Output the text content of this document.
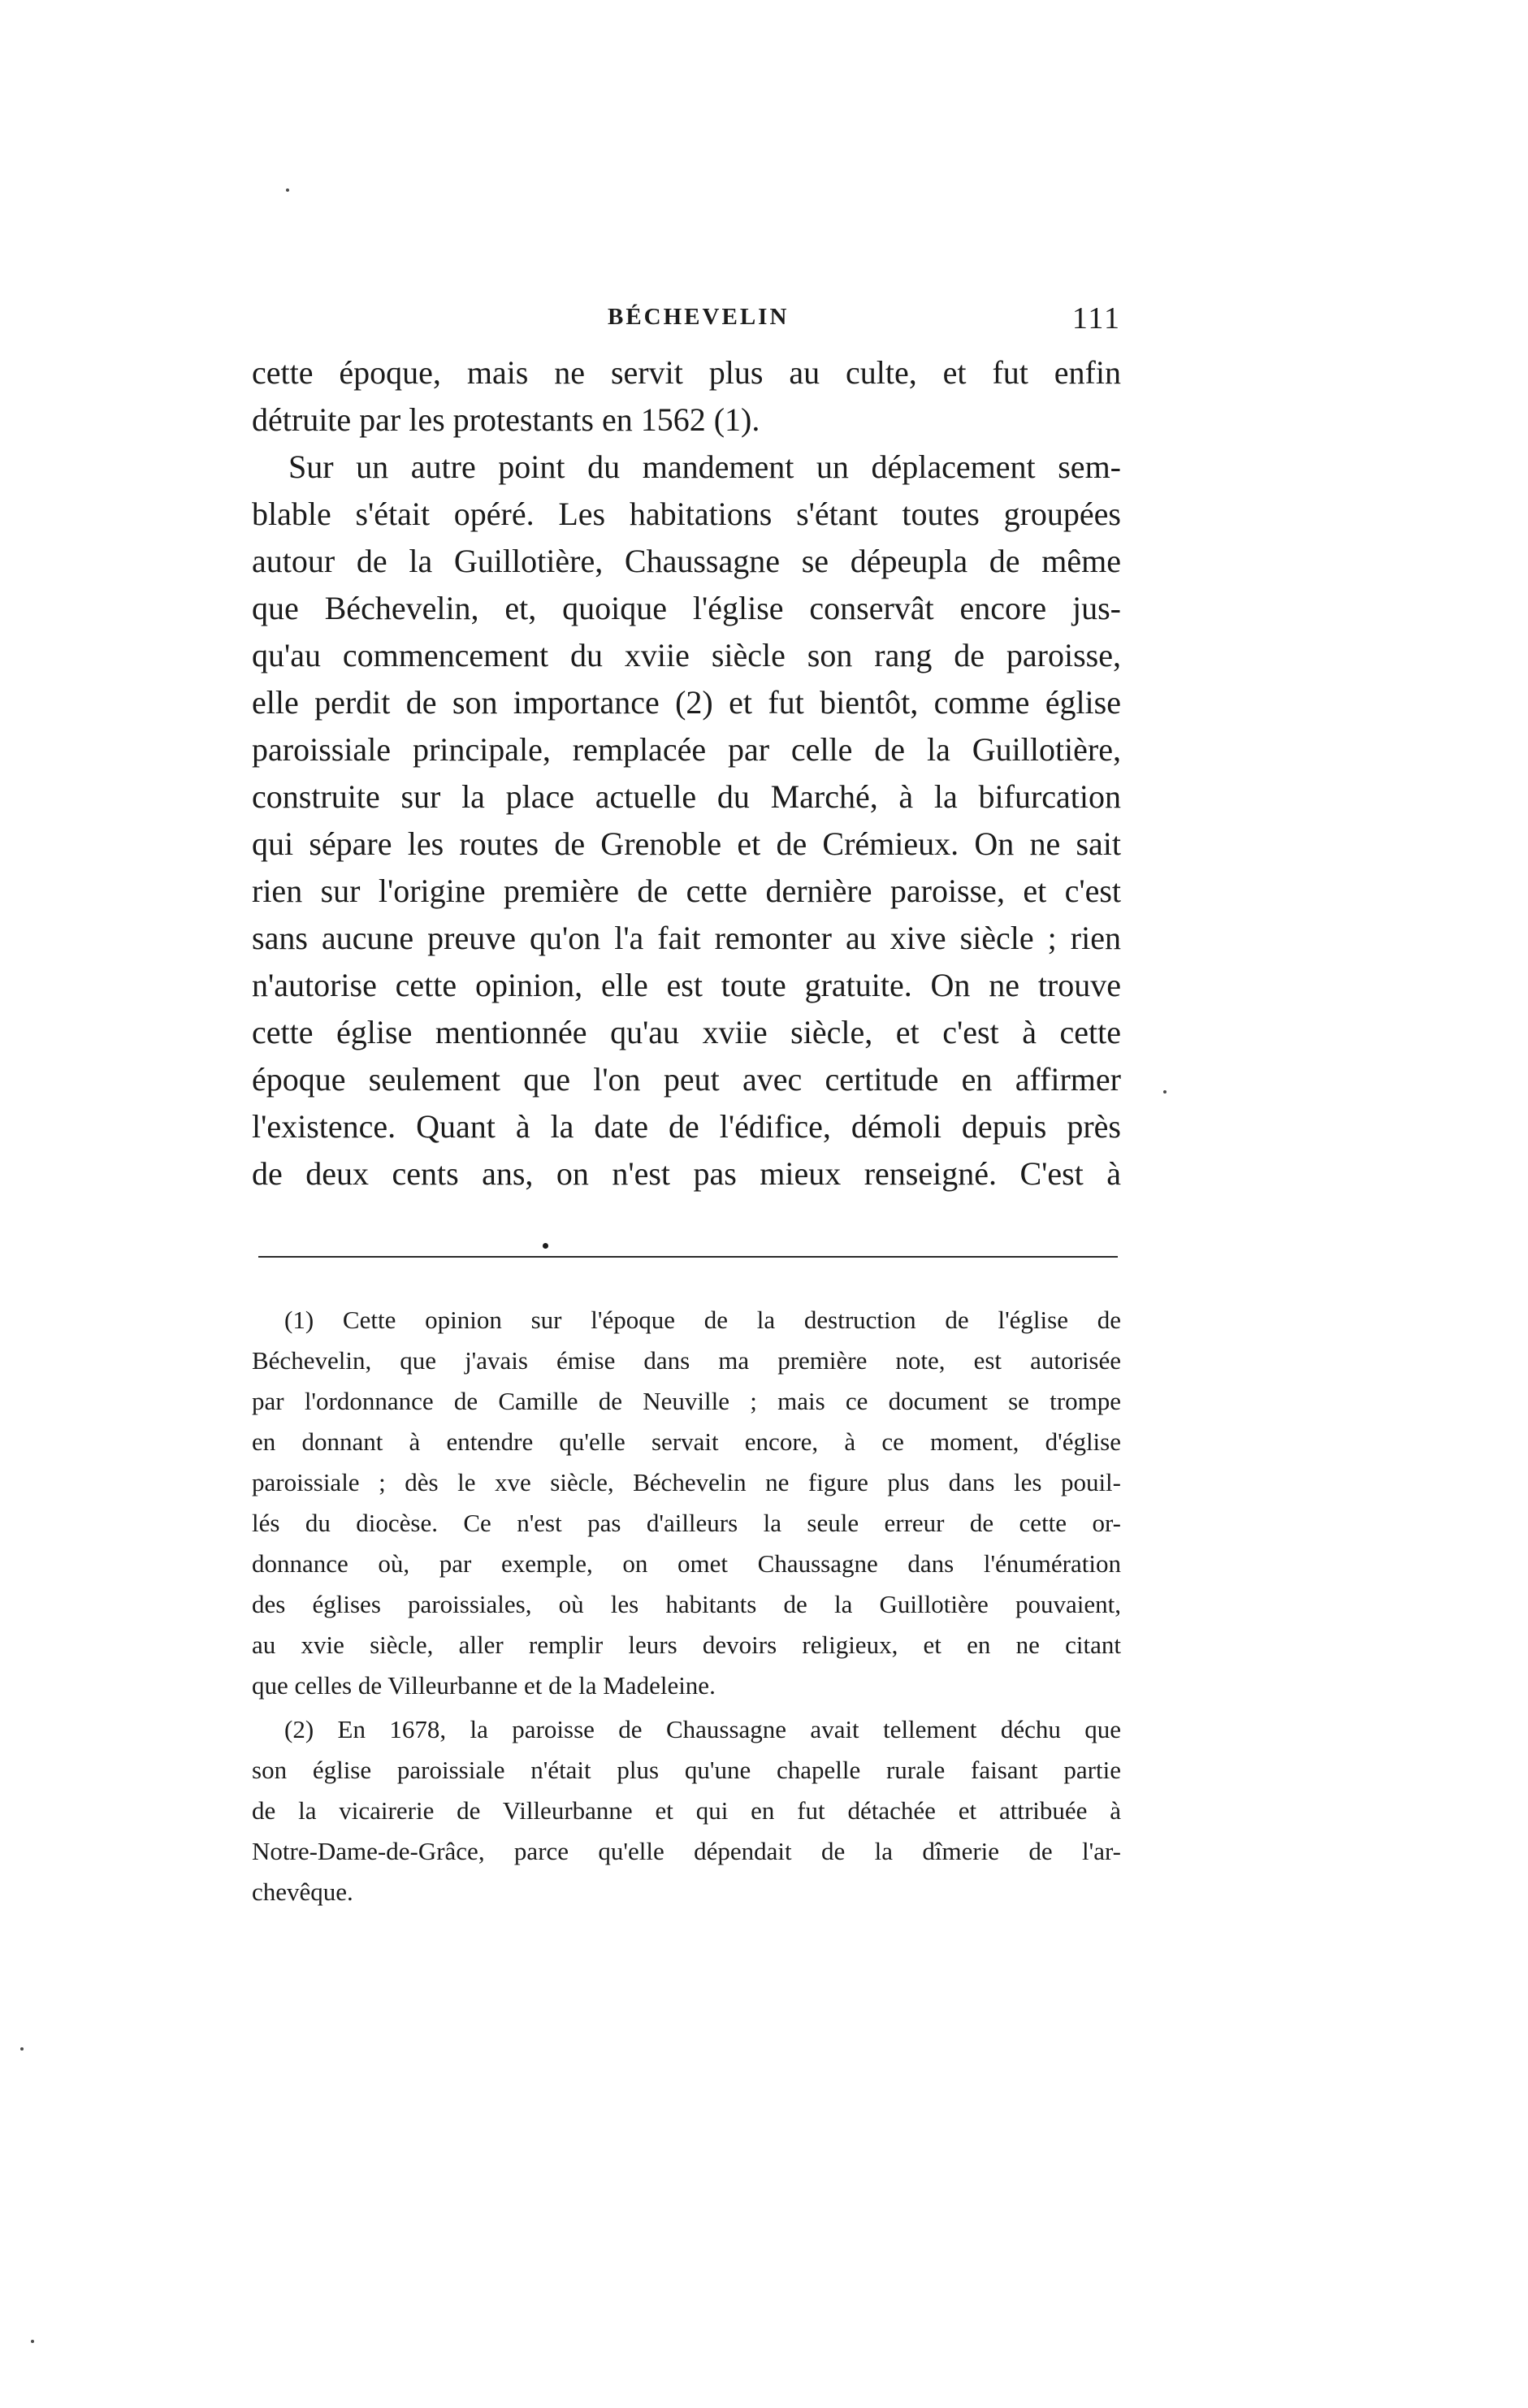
BÉCHEVELIN	111
cette époque, mais ne servit plus au culte, et fut enfin
détruite par les protestants en 1562 (1).
Sur un autre point du mandement un déplacement sem-
blable s'était opéré. Les habitations s'étant toutes groupées
autour de la Guillotière, Chaussagne se dépeupla de même
que Béchevelin, et, quoique l'église conservât encore jus-
qu'au commencement du xviie siècle son rang de paroisse,
elle perdit de son importance (2) et fut bientôt, comme église
paroissiale principale, remplacée par celle de la Guillotière,
construite sur la place actuelle du Marché, à la bifurcation
qui sépare les routes de Grenoble et de Crémieux. On ne sait
rien sur l'origine première de cette dernière paroisse, et c'est
sans aucune preuve qu'on l'a fait remonter au xive siècle ; rien
n'autorise cette opinion, elle est toute gratuite. On ne trouve
cette église mentionnée qu'au xviie siècle, et c'est à cette
époque seulement que l'on peut avec certitude en affirmer
l'existence. Quant à la date de l'édifice, démoli depuis près
de deux cents ans, on n'est pas mieux renseigné. C'est à
(1) Cette opinion sur l'époque de la destruction de l'église de
Béchevelin, que j'avais émise dans ma première note, est autorisée
par l'ordonnance de Camille de Neuville ; mais ce document se trompe
en donnant à entendre qu'elle servait encore, à ce moment, d'église
paroissiale ; dès le xve siècle, Béchevelin ne figure plus dans les pouil-
lés du diocèse. Ce n'est pas d'ailleurs la seule erreur de cette or-
donnance où, par exemple, on omet Chaussagne dans l'énumération
des églises paroissiales, où les habitants de la Guillotière pouvaient,
au xvie siècle, aller remplir leurs devoirs religieux, et en ne citant
que celles de Villeurbanne et de la Madeleine.
(2) En 1678, la paroisse de Chaussagne avait tellement déchu que
son église paroissiale n'était plus qu'une chapelle rurale faisant partie
de la vicairerie de Villeurbanne et qui en fut détachée et attribuée à
Notre-Dame-de-Grâce, parce qu'elle dépendait de la dîmerie de l'ar-
chevêque.
